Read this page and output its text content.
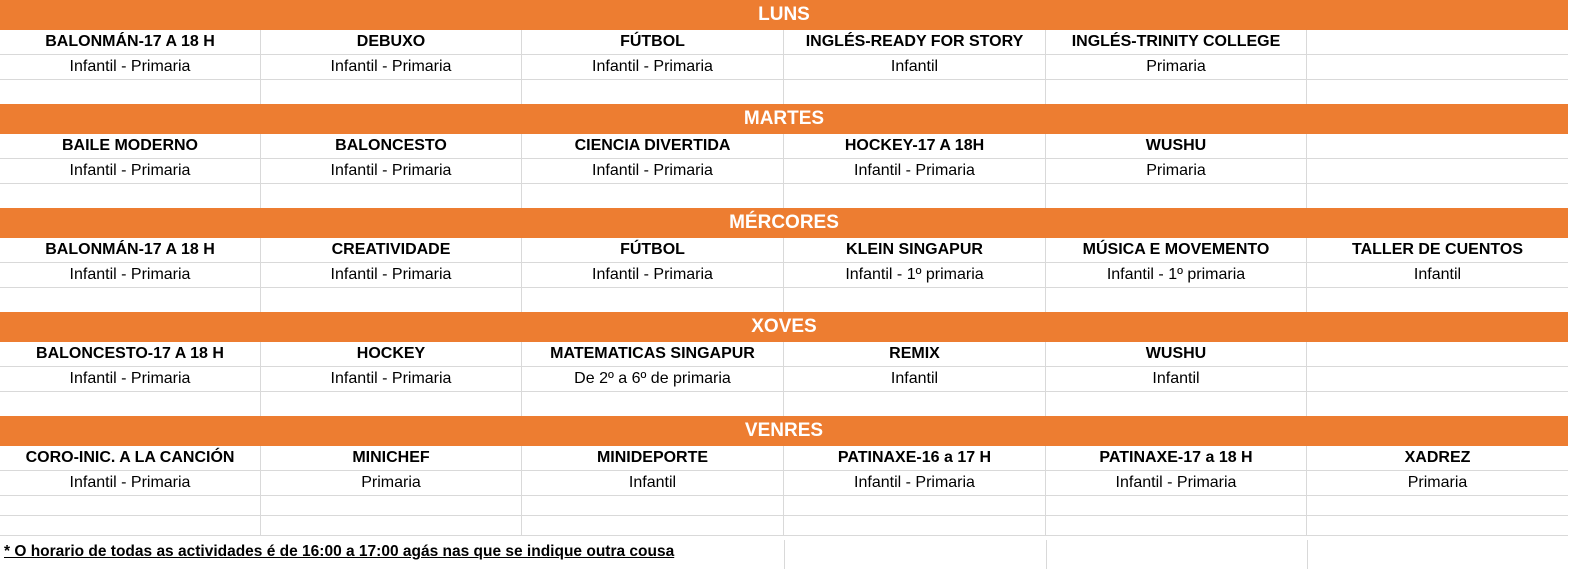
LUNS
BALONMÁN-17 A 18 H	DEBUXO	FÚTBOL	INGLÉS-READY FOR STORY	INGLÉS-TRINITY COLLEGE
Infantil - Primaria	Infantil - Primaria	Infantil - Primaria	Infantil	Primaria
MARTES
BAILE MODERNO	BALONCESTO	CIENCIA DIVERTIDA	HOCKEY-17 A 18H	WUSHU
Infantil - Primaria	Infantil - Primaria	Infantil - Primaria	Infantil - Primaria	Primaria
MÉRCORES
BALONMÁN-17 A 18 H	CREATIVIDADE	FÚTBOL	KLEIN SINGAPUR	MÚSICA E MOVEMENTO	TALLER DE CUENTOS
Infantil - Primaria	Infantil - Primaria	Infantil - Primaria	Infantil - 1º primaria	Infantil - 1º primaria	Infantil
XOVES
BALONCESTO-17 A 18 H	HOCKEY	MATEMATICAS SINGAPUR	REMIX	WUSHU
Infantil - Primaria	Infantil - Primaria	De 2º a 6º de primaria	Infantil	Infantil
VENRES
CORO-INIC. A LA CANCIÓN	MINICHEF	MINIDEPORTE	PATINAXE-16 a 17 H	PATINAXE-17 a 18 H	XADREZ
Infantil - Primaria	Primaria	Infantil	Infantil - Primaria	Infantil - Primaria	Primaria
* O horario de todas as actividades é de 16:00 a 17:00 agás nas que se indique outra cousa
